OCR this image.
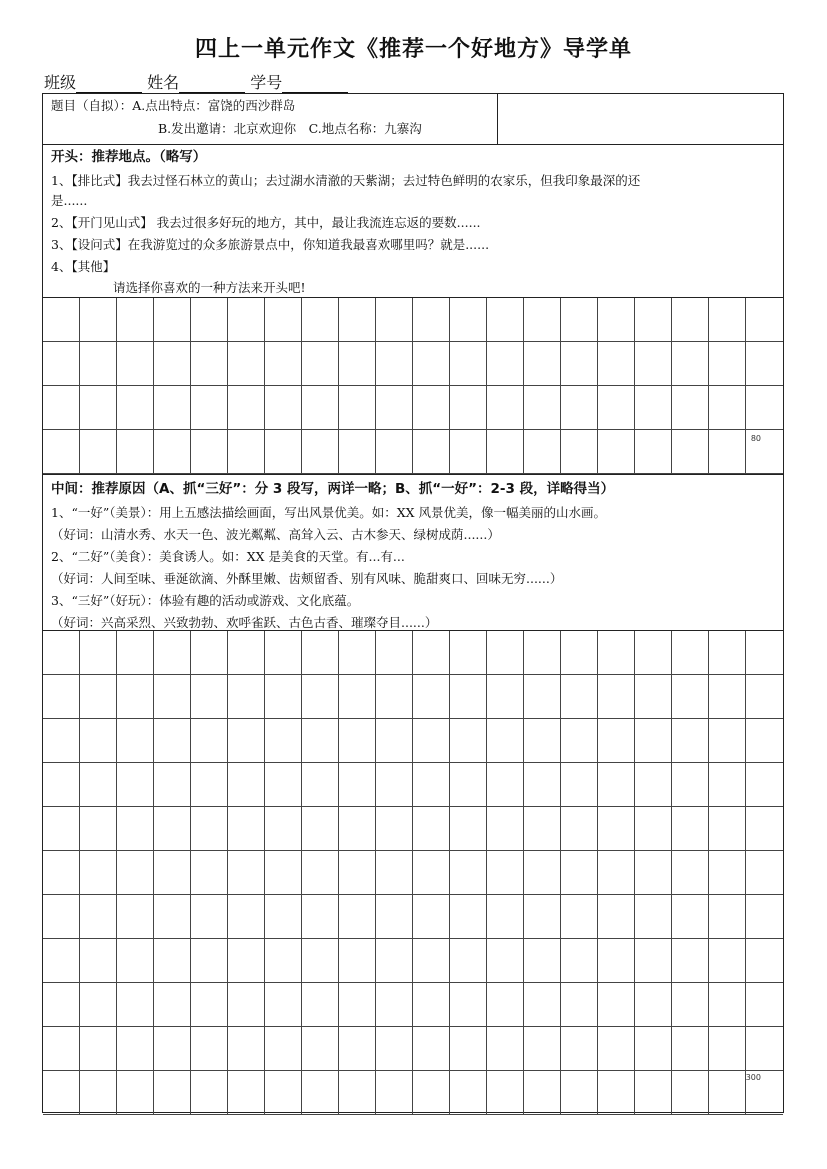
四上一单元作文《推荐一个好地方》导学单
班级	姓名	学号
题目（自拟）：A.点出特点：富饶的西沙群岛
B.发出邀请：北京欢迎你　C.地点名称：九寨沟
开头：推荐地点。（略写）
1、【排比式】我去过怪石林立的黄山；去过湖水清澈的天紫湖；去过特色鲜明的农家乐，但我印象最深的还
是......
2、【开门见山式】 我去过很多好玩的地方，其中，最让我流连忘返的要数......
3、【设问式】在我游览过的众多旅游景点中，你知道我最喜欢哪里吗？就是......
4、【其他】
请选择你喜欢的一种方法来开头吧!
80
中间：推荐原因（A、抓“三好”：分 3 段写，两详一略；B、抓“一好”：2-3 段，详略得当）
1、“一好”（美景）：用上五感法描绘画面，写出风景优美。如：XX 风景优美，像一幅美丽的山水画。
（好词：山清水秀、水天一色、波光粼粼、高耸入云、古木参天、绿树成荫......）
2、“二好”（美食）：美食诱人。如：XX 是美食的天堂。有...有...
（好词：人间至味、垂涎欲滴、外酥里嫩、齿颊留香、别有风味、脆甜爽口、回味无穷......）
3、“三好”（好玩）：体验有趣的活动或游戏、文化底蕴。
（好词：兴高采烈、兴致勃勃、欢呼雀跃、古色古香、璀璨夺目......）
300
